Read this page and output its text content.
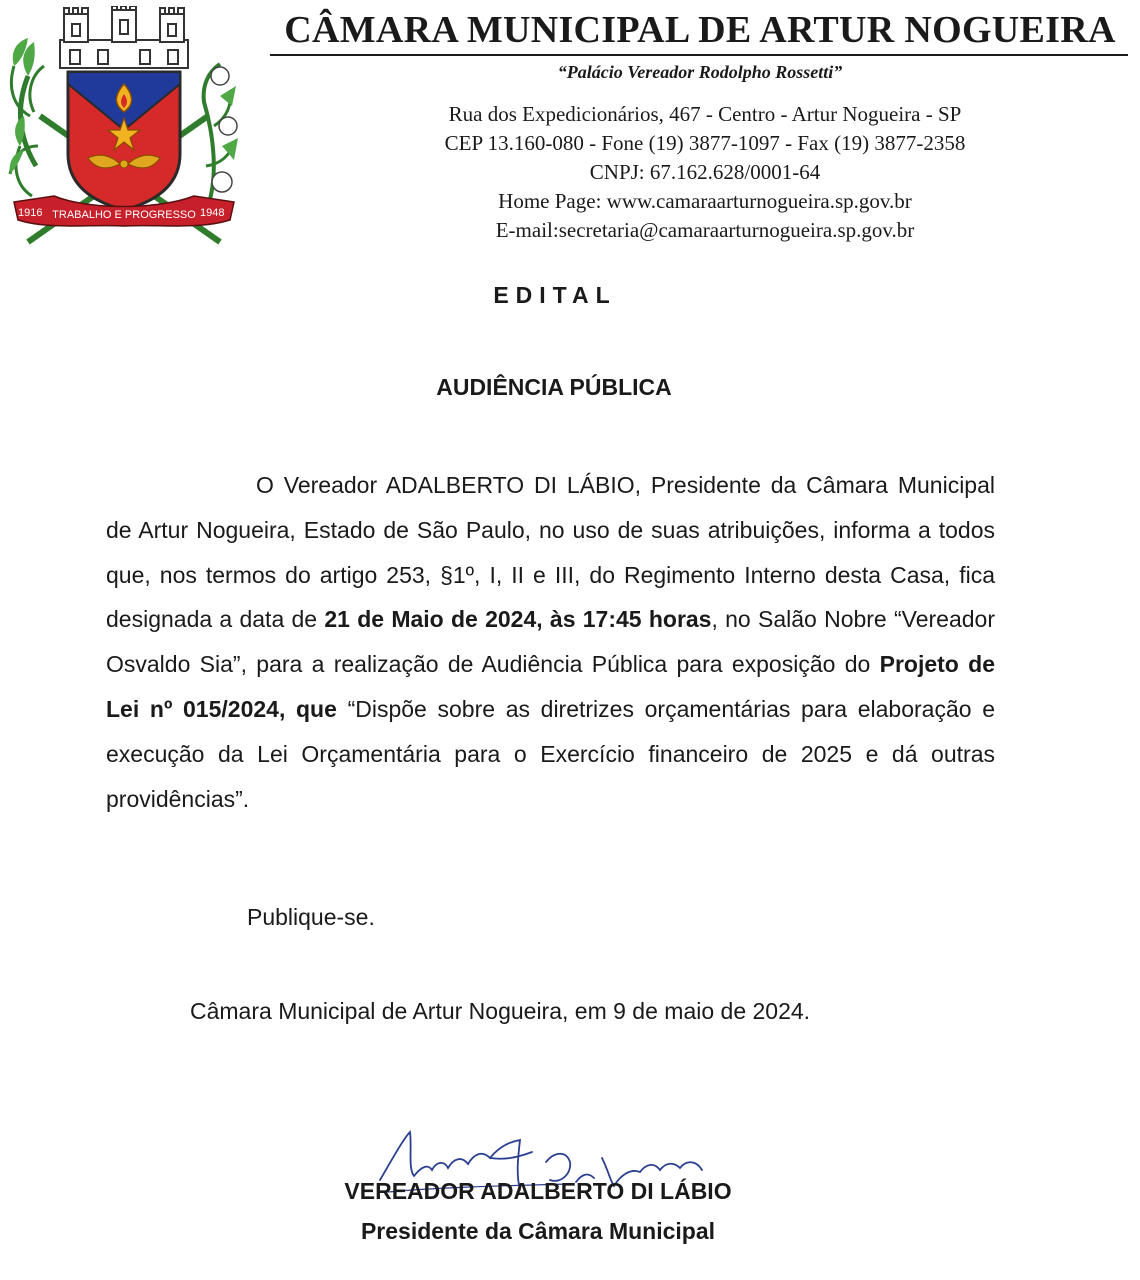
1916 TRABALHO E PROGRESSO 1948
CÂMARA MUNICIPAL DE ARTUR NOGUEIRA
“Palácio Vereador Rodolpho Rossetti”
Rua dos Expedicionários, 467 - Centro - Artur Nogueira - SP
CEP 13.160-080 - Fone (19) 3877-1097 - Fax (19) 3877-2358
CNPJ: 67.162.628/0001-64
Home Page: www.camaraarturnogueira.sp.gov.br
E-mail:secretaria@camaraarturnogueira.sp.gov.br
EDITAL
AUDIÊNCIA PÚBLICA
O Vereador ADALBERTO DI LÁBIO, Presidente da Câmara Municipal de Artur Nogueira, Estado de São Paulo, no uso de suas atribuições, informa a todos que, nos termos do artigo 253, §1º, I, II e III, do Regimento Interno desta Casa, fica designada a data de 21 de Maio de 2024, às 17:45 horas, no Salão Nobre “Vereador Osvaldo Sia”, para a realização de Audiência Pública para exposição do Projeto de Lei nº 015/2024, que “Dispõe sobre as diretrizes orçamentárias para elaboração e execução da Lei Orçamentária para o Exercício financeiro de 2025 e dá outras providências”.
Publique-se.
Câmara Municipal de Artur Nogueira, em 9 de maio de 2024.
VEREADOR ADALBERTO DI LÁBIO
Presidente da Câmara Municipal
